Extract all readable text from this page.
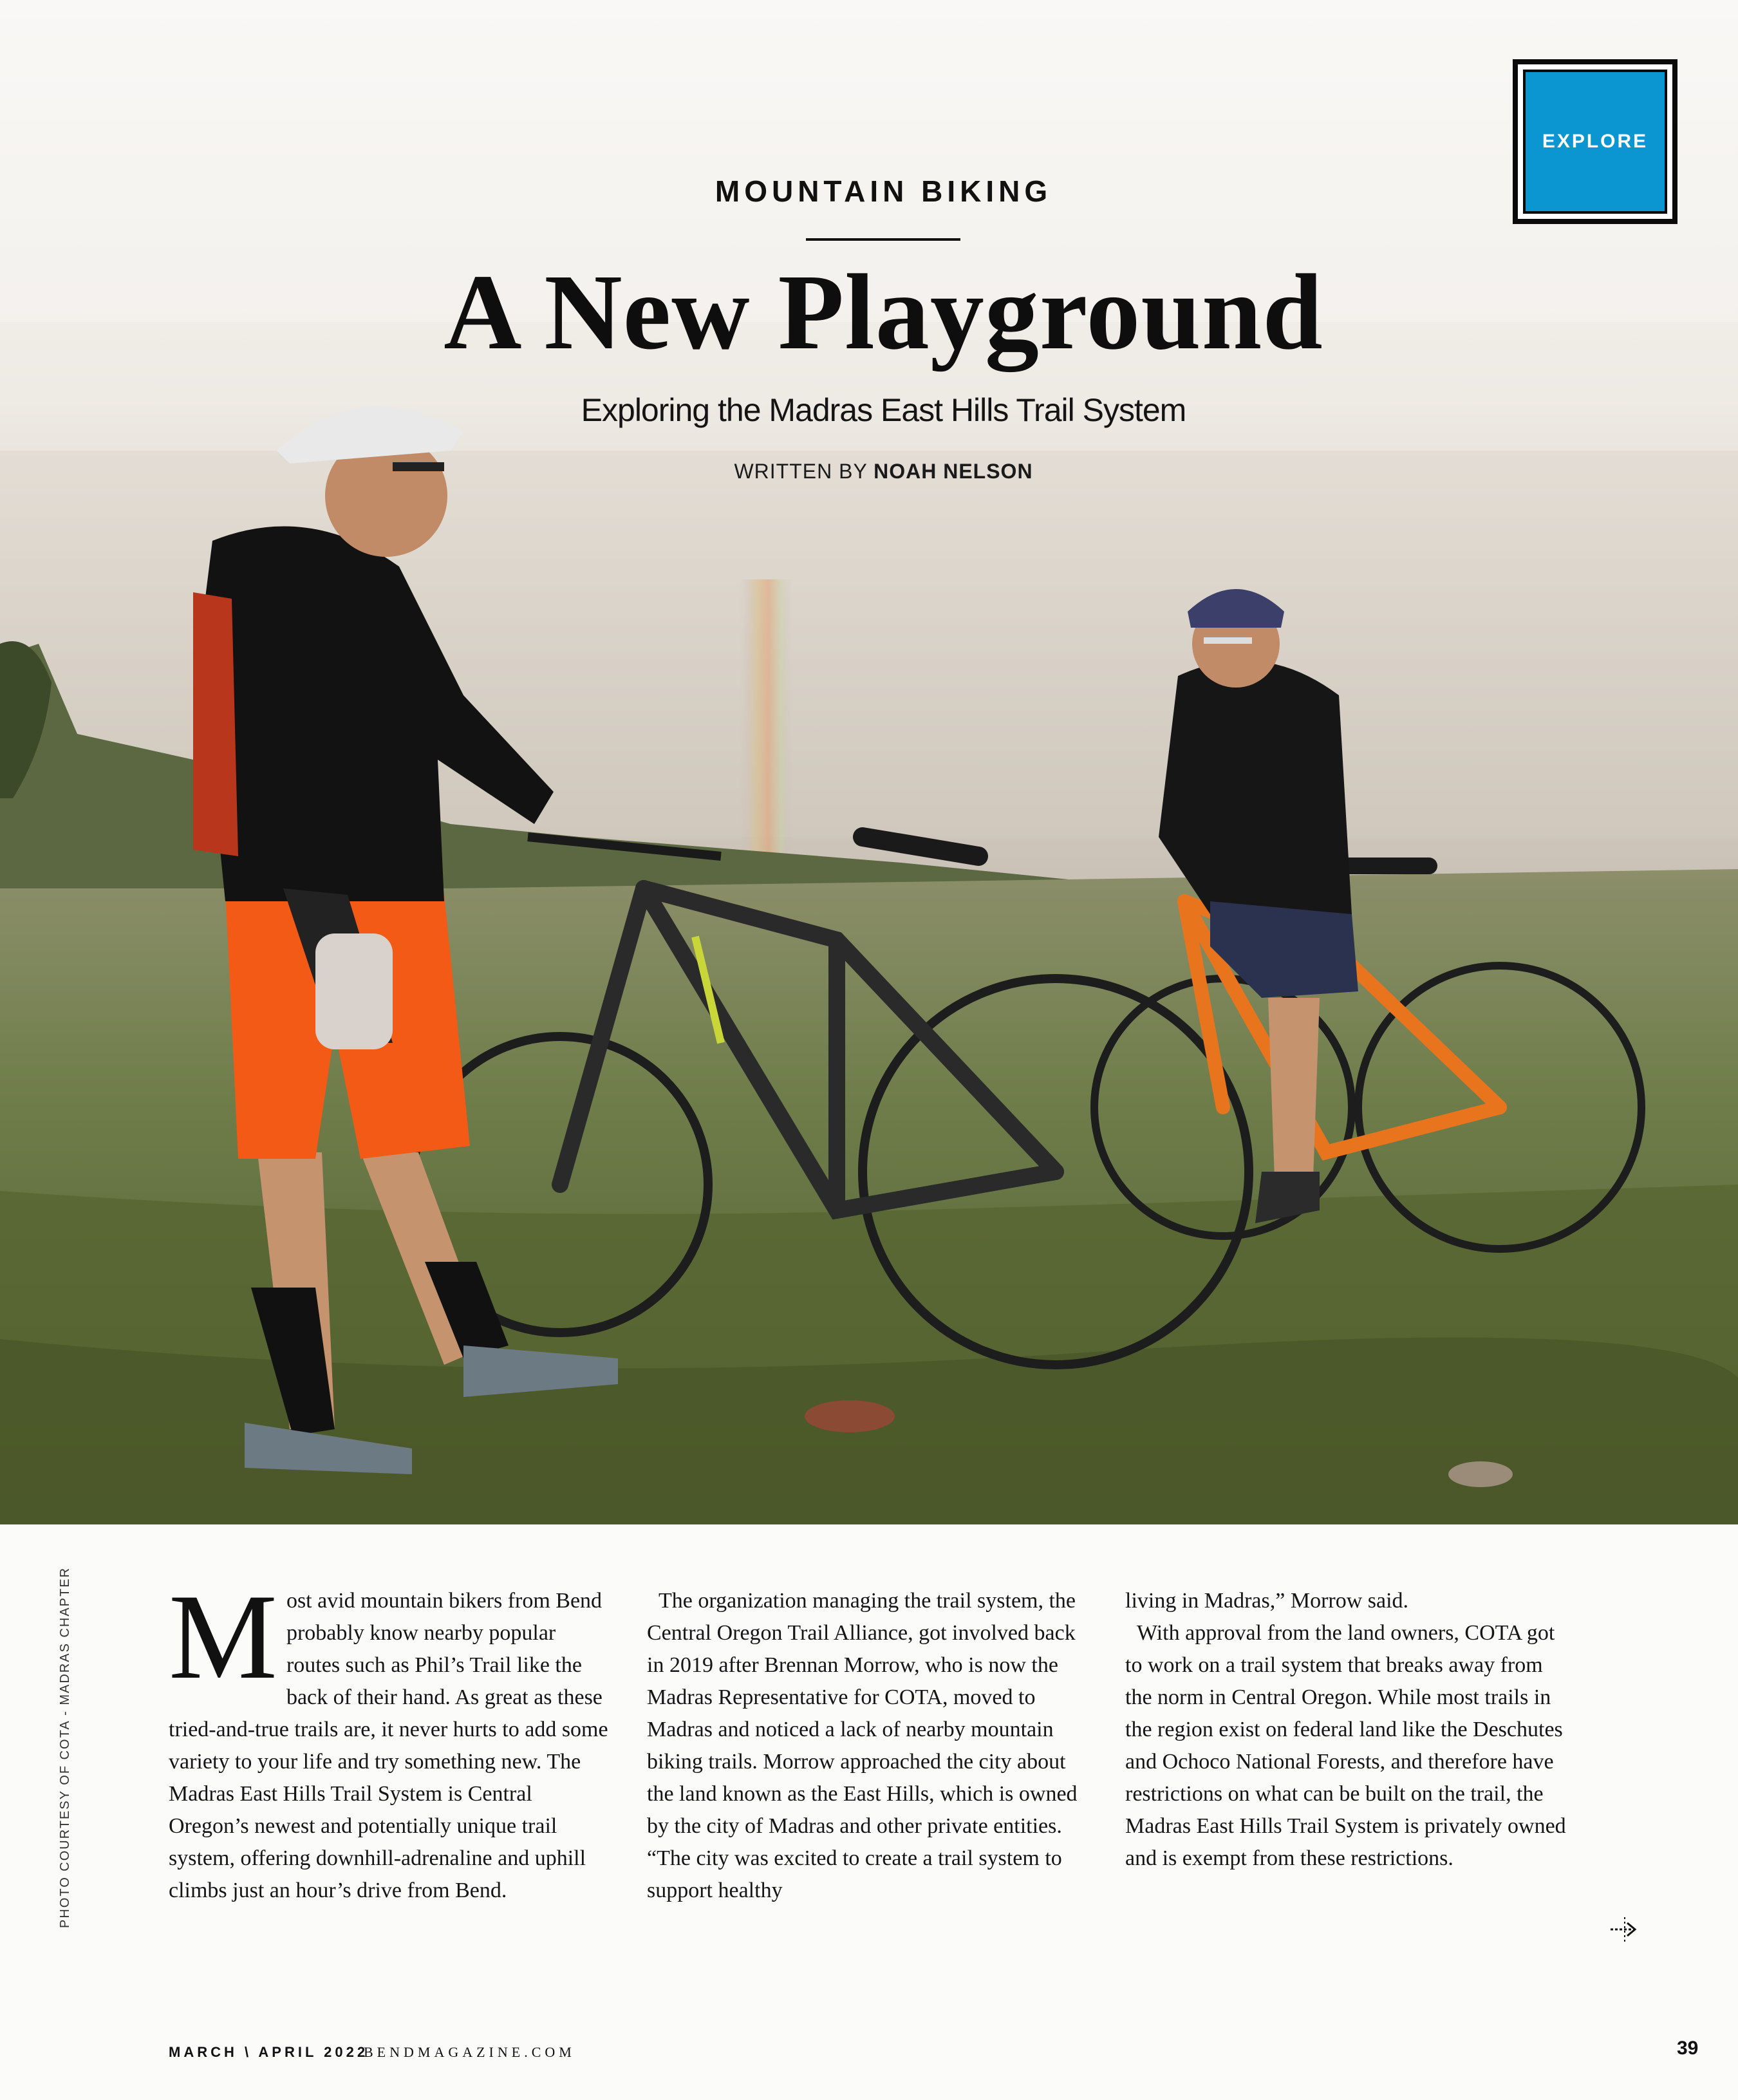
EXPLORE
MOUNTAIN BIKING
A New Playground
Exploring the Madras East Hills Trail System
WRITTEN BY NOAH NELSON
PHOTO COURTESY OF COTA - MADRAS CHAPTER Most avid mountain bikers from Bend probably know nearby popular routes such as Phil’s Trail like the back of their hand. As great as these tried-and-true trails are, it never hurts to add some variety to your life and try something new. The Madras East Hills Trail System is Central Oregon’s newest and potentially unique trail system, offering downhill-adrenaline and uphill climbs just an hour’s drive from Bend.

The organization managing the trail system, the Central Oregon Trail Alliance, got involved back in 2019 after Brennan Morrow, who is now the Madras Representative for COTA, moved to Madras and noticed a lack of nearby mountain biking trails. Morrow approached the city about the land known as the East Hills, which is owned by the city of Madras and other private entities. “The city was excited to create a trail system to support healthy

living in Madras,” Morrow said.

With approval from the land owners, COTA got to work on a trail system that breaks away from the norm in Central Oregon. While most trails in the region exist on federal land like the Deschutes and Ochoco National Forests, and therefore have restrictions on what can be built on the trail, the Madras East Hills Trail System is privately owned and is exempt from these restrictions.

MARCH \ APRIL 2022
BENDMAGAZINE.COM	39
